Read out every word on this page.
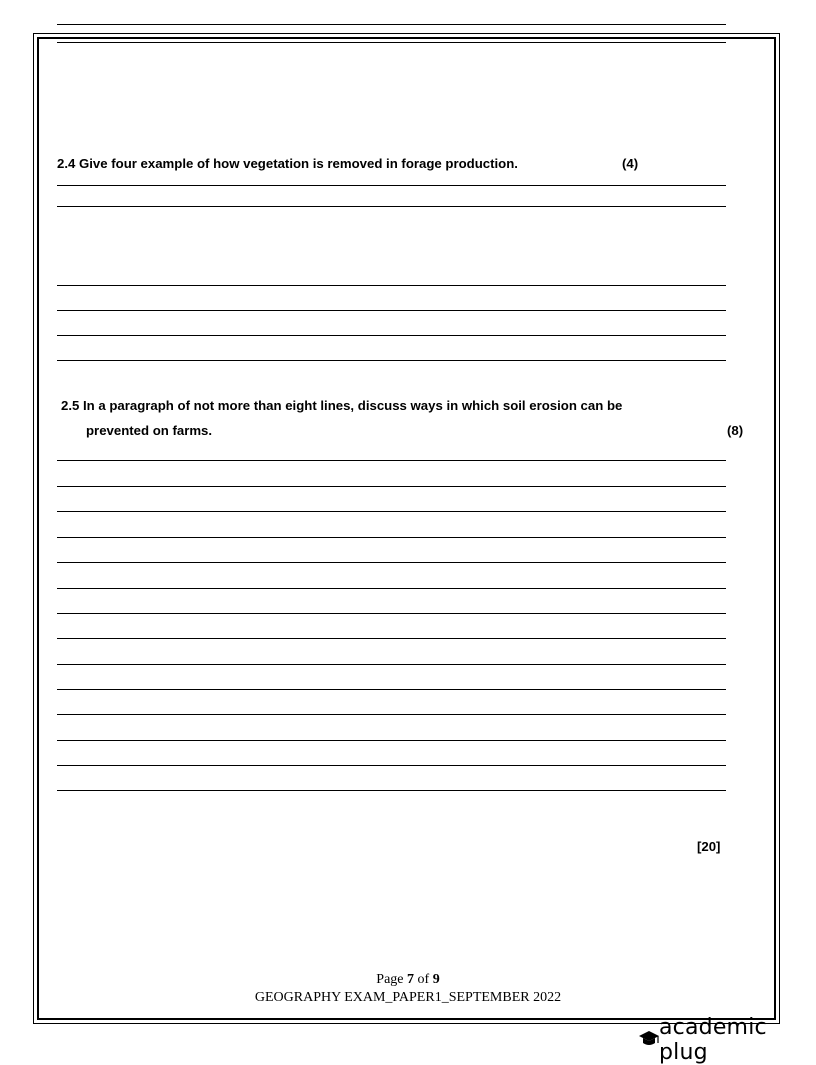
2.4 Give four example of how vegetation is removed in forage production.	(4)
2.5 In a paragraph of not more than eight lines, discuss ways in which soil erosion can be
prevented on farms.	(8)
[20]
Page 7 of 9
GEOGRAPHY EXAM_PAPER1_SEPTEMBER 2022
academic plug
